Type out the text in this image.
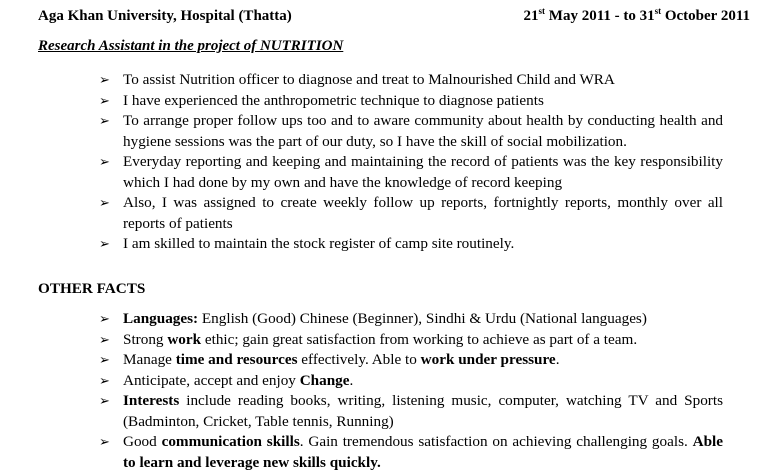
Aga Khan University, Hospital (Thatta)	21st May 2011 - to 31st October 2011
Research Assistant in the project of NUTRITION
➢ To assist Nutrition officer to diagnose and treat to Malnourished Child and WRA
➢ I have experienced the anthropometric technique to diagnose patients
➢ To arrange proper follow ups too and to aware community about health by conducting health and hygiene sessions was the part of our duty, so I have the skill of social mobilization.
➢ Everyday reporting and keeping and maintaining the record of patients was the key responsibility which I had done by my own and have the knowledge of record keeping
➢ Also, I was assigned to create weekly follow up reports, fortnightly reports, monthly over all reports of patients
➢ I am skilled to maintain the stock register of camp site routinely.
OTHER FACTS
➢ Languages: English (Good) Chinese (Beginner), Sindhi & Urdu (National languages)
➢ Strong work ethic; gain great satisfaction from working to achieve as part of a team.
➢ Manage time and resources effectively. Able to work under pressure.
➢ Anticipate, accept and enjoy Change.
➢ Interests include reading books, writing, listening music, computer, watching TV and Sports (Badminton, Cricket, Table tennis, Running)
➢ Good communication skills. Gain tremendous satisfaction on achieving challenging goals. Able to learn and leverage new skills quickly.
